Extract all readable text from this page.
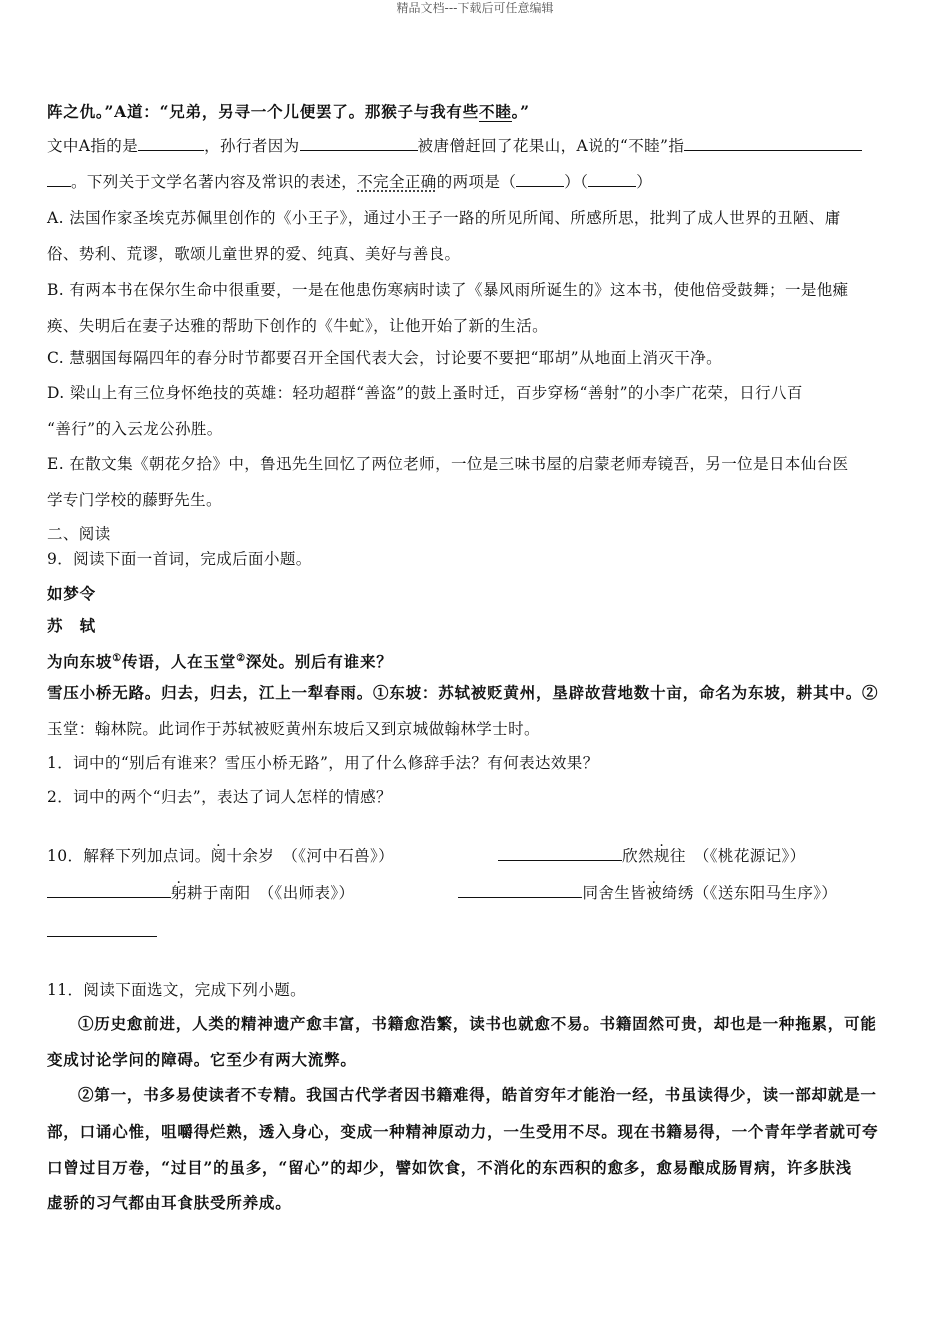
精品文档---下载后可任意编辑
阵之仇。”A道：“兄弟，另寻一个儿便罢了。那猴子与我有些不睦。”
文中A指的是	，孙行者因为	被唐僧赶回了花果山，A说的“不睦”指
。下列关于文学名著内容及常识的表述，不完全正确的两项是（	）（	）
A. 法国作家圣埃克苏佩里创作的《小王子》，通过小王子一路的所见所闻、所感所思，批判了成人世界的丑陋、庸
俗、势利、荒谬，歌颂儿童世界的爱、纯真、美好与善良。
B. 有两本书在保尔生命中很重要，一是在他患伤寒病时读了《暴风雨所诞生的》这本书，使他倍受鼓舞；一是他瘫
痪、失明后在妻子达雅的帮助下创作的《牛虻》，让他开始了新的生活。
C. 慧骃国每隔四年的春分时节都要召开全国代表大会，讨论要不要把“耶胡”从地面上消灭干净。
D. 梁山上有三位身怀绝技的英雄：轻功超群“善盗”的鼓上蚤时迁，百步穿杨“善射”的小李广花荣，日行八百
“善行”的入云龙公孙胜。
E. 在散文集《朝花夕拾》中，鲁迅先生回忆了两位老师，一位是三味书屋的启蒙老师寿镜吾，另一位是日本仙台医
学专门学校的藤野先生。
二、阅读
9．阅读下面一首词，完成后面小题。
如梦令
苏　轼
为向东坡①传语，人在玉堂②深处。别后有谁来？
雪压小桥无路。归去，归去，江上一犁春雨。①东坡：苏轼被贬黄州，垦辟故营地数十亩，命名为东坡，耕其中。②
玉堂：翰林院。此词作于苏轼被贬黄州东坡后又到京城做翰林学士时。
1．词中的“别后有谁来？雪压小桥无路”，用了什么修辞手法？有何表达效果？
2．词中的两个“归去”，表达了词人怎样的情感？
10．解释下列加点词。阅十余岁　（《河中石兽》）	欣然规往　（《桃花源记》）
躬耕于南阳　（《出师表》）	同舍生皆被绮绣（《送东阳马生序》）
11．阅读下面选文，完成下列小题。
①历史愈前进，人类的精神遗产愈丰富，书籍愈浩繁，读书也就愈不易。书籍固然可贵，却也是一种拖累，可能
变成讨论学问的障碍。它至少有两大流弊。
②第一，书多易使读者不专精。我国古代学者因书籍难得，皓首穷年才能治一经，书虽读得少，读一部却就是一
部，口诵心惟，咀嚼得烂熟，透入身心，变成一种精神原动力，一生受用不尽。现在书籍易得，一个青年学者就可夸
口曾过目万卷，“过目”的虽多，“留心”的却少，譬如饮食，不消化的东西积的愈多，愈易酿成肠胃病，许多肤浅
虚骄的习气都由耳食肤受所养成。
